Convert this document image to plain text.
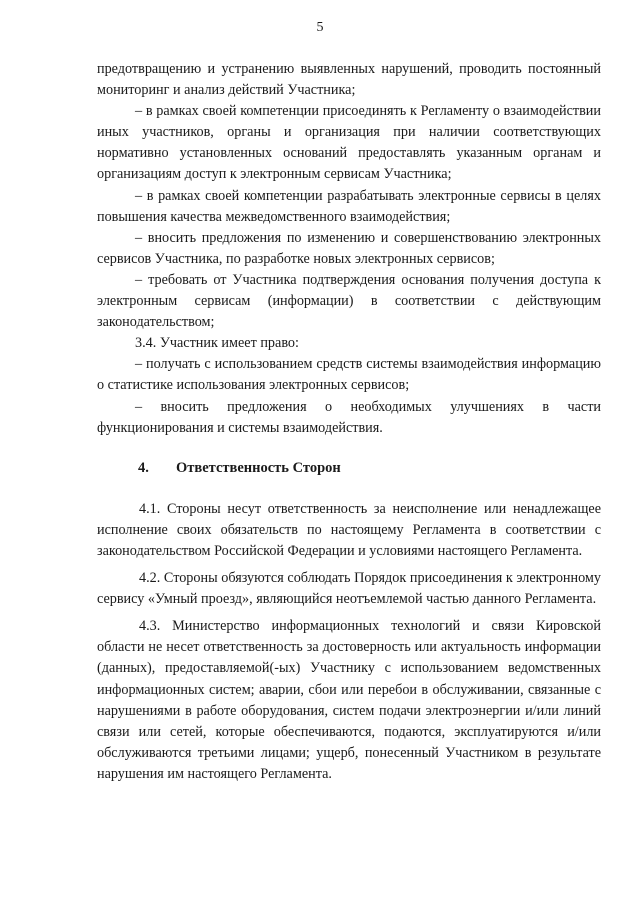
5

предотвращению и устранению выявленных нарушений, проводить постоянный мониторинг и анализ действий Участника;

– в рамках своей компетенции присоединять к Регламенту о взаимодействии иных участников, органы и организация при наличии соответствующих нормативно установленных оснований предоставлять указанным органам и организациям доступ к электронным сервисам Участника;

– в рамках своей компетенции разрабатывать электронные сервисы в целях повышения качества межведомственного взаимодействия;

– вносить предложения по изменению и совершенствованию электронных сервисов Участника, по разработке новых электронных сервисов;

– требовать от Участника подтверждения основания получения доступа к электронным сервисам (информации) в соответствии с действующим законодательством;

3.4. Участник имеет право:

– получать с использованием средств системы взаимодействия информацию о статистике использования электронных сервисов;

– вносить предложения о необходимых улучшениях в части функционирования и системы взаимодействия.

4. Ответственность Сторон

4.1. Стороны несут ответственность за неисполнение или ненадлежащее исполнение своих обязательств по настоящему Регламента в соответствии с законодательством Российской Федерации и условиями настоящего Регламента.

4.2. Стороны обязуются соблюдать Порядок присоединения к электронному сервису «Умный проезд», являющийся неотъемлемой частью данного Регламента.

4.3. Министерство информационных технологий и связи Кировской области не несет ответственность за достоверность или актуальность информации (данных), предоставляемой(-ых) Участнику с использованием ведомственных информационных систем; аварии, сбои или перебои в обслуживании, связанные с нарушениями в работе оборудования, систем подачи электроэнергии и/или линий связи или сетей, которые обеспечиваются, подаются, эксплуатируются и/или обслуживаются третьими лицами; ущерб, понесенный Участником в результате нарушения им настоящего Регламента.
